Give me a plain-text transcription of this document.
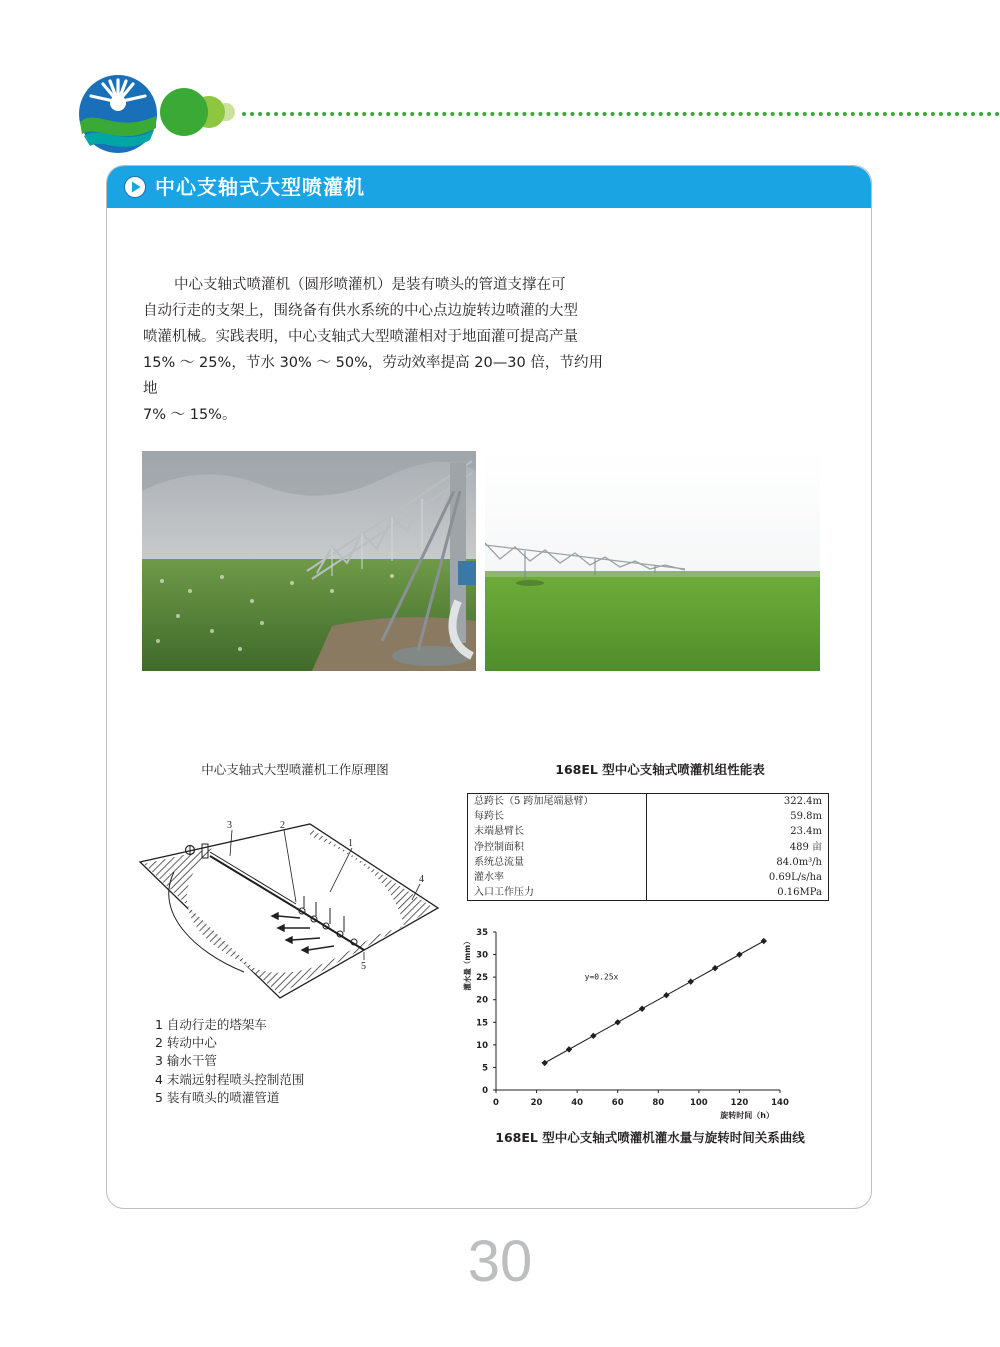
中心支轴式大型喷灌机
中心支轴式喷灌机（圆形喷灌机）是装有喷头的管道支撑在可
自动行走的支架上，围绕备有供水系统的中心点边旋转边喷灌的大型
喷灌机械。实践表明，中心支轴式大型喷灌相对于地面灌可提高产量
15% ～ 25%，节水 30% ～ 50%，劳动效率提高 20—30 倍，节约用地
7% ～ 15%。
中心支轴式大型喷灌机工作原理图	168EL 型中心支轴式喷灌机组性能表
3	2
1
4
5
1 自动行走的塔架车
2 转动中心
3 输水干管
4 末端远射程喷头控制范围
5 装有喷头的喷灌管道
总跨长（5 跨加尾端悬臂）	322.4m
每跨长	59.8m
末端悬臂长	23.4m
净控制面积	489 亩
系统总流量	84.0m³/h
灌水率	0.69L/s/ha
入口工作压力	0.16MPa
0	20	40	60	80	100	120	140
0
5
10
15
20
25
30
35
旋转时间（h）
灌水量（mm）	y=0.25x
168EL 型中心支轴式喷灌机灌水量与旋转时间关系曲线
30
